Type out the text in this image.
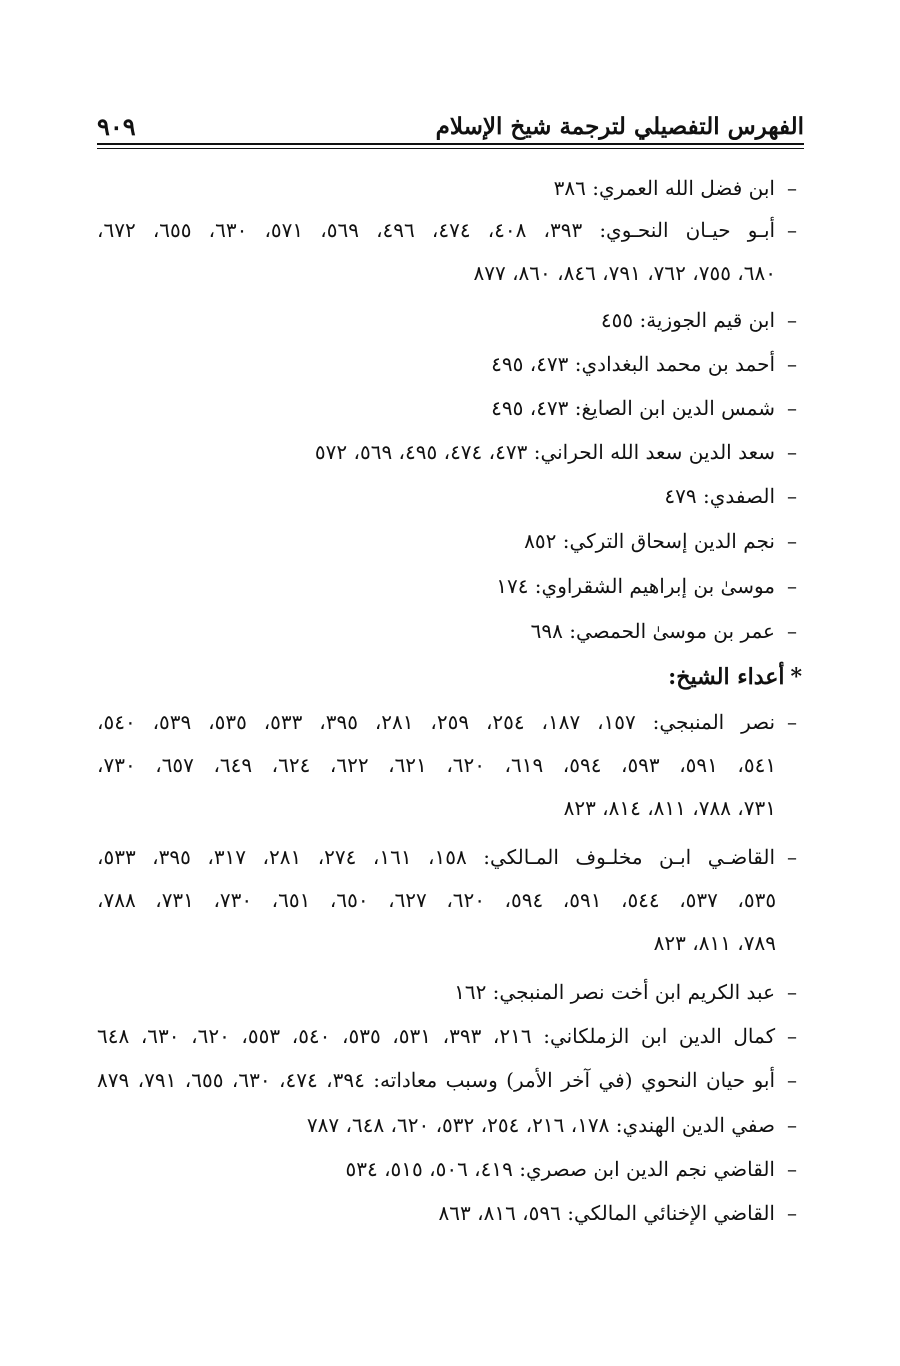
الفهرس التفصيلي لترجمة شيخ الإسلام
٩٠٩
–
ابن فضل الله العمري: ٣٨٦
–
أبـو حيـان النحـوي: ٣٩٣، ٤٠٨، ٤٧٤، ٤٩٦، ٥٦٩، ٥٧١، ٦٣٠، ٦٥٥، ٦٧٢،
٦٨٠، ٧٥٥، ٧٦٢، ٧٩١، ٨٤٦، ٨٦٠، ٨٧٧
–
ابن قيم الجوزية: ٤٥٥
–
أحمد بن محمد البغدادي: ٤٧٣، ٤٩٥
–
شمس الدين ابن الصايغ: ٤٧٣، ٤٩٥
–
سعد الدين سعد الله الحراني: ٤٧٣، ٤٧٤، ٤٩٥، ٥٦٩، ٥٧٢
–
الصفدي: ٤٧٩
–
نجم الدين إسحاق التركي: ٨٥٢
–
موسىٰ بن إبراهيم الشقراوي: ١٧٤
–
عمر بن موسىٰ الحمصي: ٦٩٨
*أعداء الشيخ:
–
نصر المنبجي: ١٥٧، ١٨٧، ٢٥٤، ٢٥٩، ٢٨١، ٣٩٥، ٥٣٣، ٥٣٥، ٥٣٩، ٥٤٠،
٥٤١، ٥٩١، ٥٩٣، ٥٩٤، ٦١٩، ٦٢٠، ٦٢١، ٦٢٢، ٦٢٤، ٦٤٩، ٦٥٧، ٧٣٠،
٧٣١، ٧٨٨، ٨١١، ٨١٤، ٨٢٣
–
القاضـي ابـن مخلـوف المـالكي: ١٥٨، ١٦١، ٢٧٤، ٢٨١، ٣١٧، ٣٩٥، ٥٣٣،
٥٣٥، ٥٣٧، ٥٤٤، ٥٩١، ٥٩٤، ٦٢٠، ٦٢٧، ٦٥٠، ٦٥١، ٧٣٠، ٧٣١، ٧٨٨،
٧٨٩، ٨١١، ٨٢٣
–
عبد الكريم ابن أخت نصر المنبجي: ١٦٢
–
كمال الدين ابن الزملكاني: ٢١٦، ٣٩٣، ٥٣١، ٥٣٥، ٥٤٠، ٥٥٣، ٦٢٠، ٦٣٠، ٦٤٨
–
أبو حيان النحوي (في آخر الأمر) وسبب معاداته: ٣٩٤، ٤٧٤، ٦٣٠، ٦٥٥، ٧٩١، ٨٧٩
–
صفي الدين الهندي: ١٧٨، ٢١٦، ٢٥٤، ٥٣٢، ٦٢٠، ٦٤٨، ٧٨٧
–
القاضي نجم الدين ابن صصري: ٤١٩، ٥٠٦، ٥١٥، ٥٣٤
–
القاضي الإخنائي المالكي: ٥٩٦، ٨١٦، ٨٦٣
